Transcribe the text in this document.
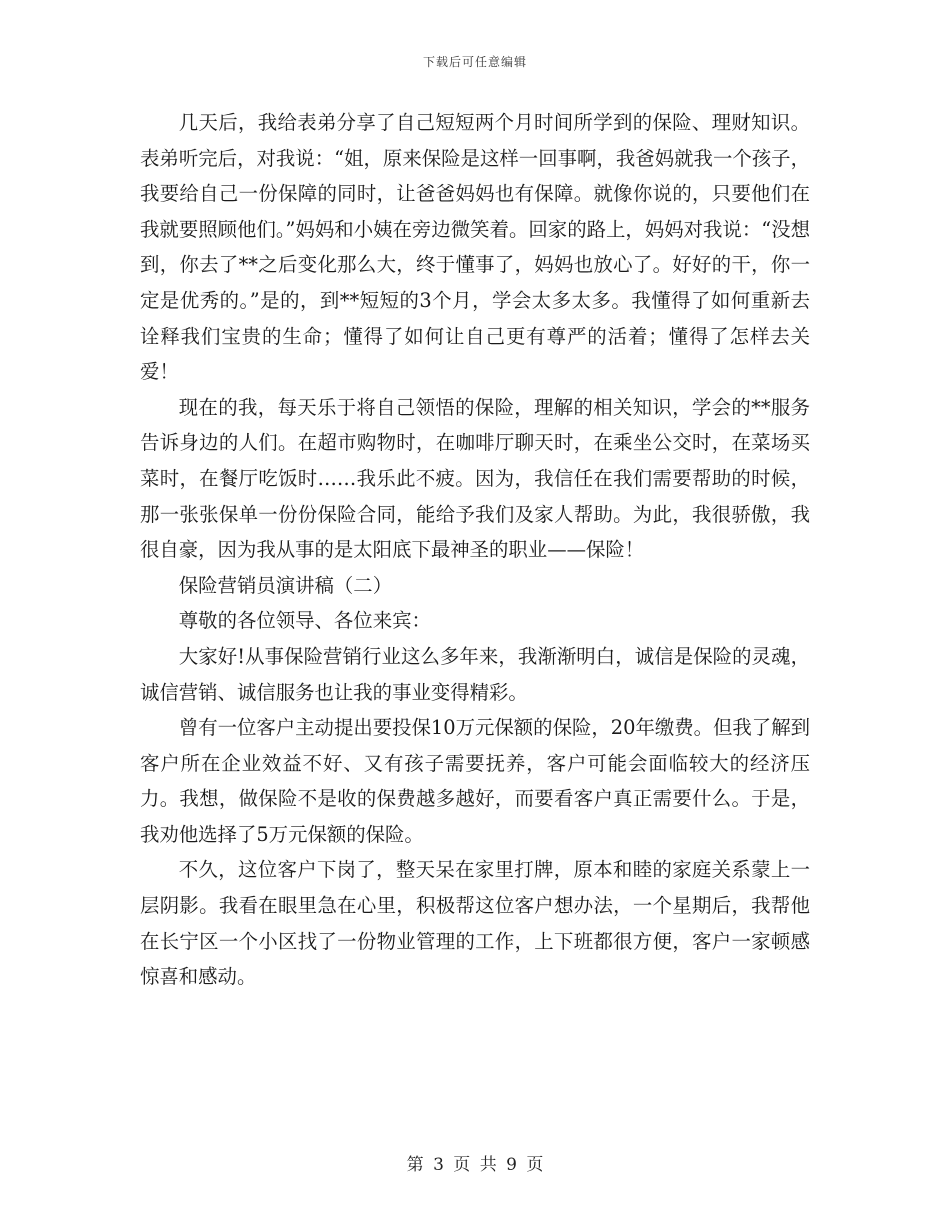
下载后可任意编辑

几天后，我给表弟分享了自己短短两个月时间所学到的保险、理财知识。表弟听完后，对我说：“姐，原来保险是这样一回事啊，我爸妈就我一个孩子，我要给自己一份保障的同时，让爸爸妈妈也有保障。就像你说的，只要他们在我就要照顾他们。”妈妈和小姨在旁边微笑着。回家的路上，妈妈对我说：“没想到，你去了**之后变化那么大，终于懂事了，妈妈也放心了。好好的干，你一定是优秀的。”是的，到**短短的3个月，学会太多太多。我懂得了如何重新去诠释我们宝贵的生命；懂得了如何让自己更有尊严的活着；懂得了怎样去关爱！

现在的我，每天乐于将自己领悟的保险，理解的相关知识，学会的**服务告诉身边的人们。在超市购物时，在咖啡厅聊天时，在乘坐公交时，在菜场买菜时，在餐厅吃饭时……我乐此不疲。因为，我信任在我们需要帮助的时候，那一张张保单一份份保险合同，能给予我们及家人帮助。为此，我很骄傲，我很自豪，因为我从事的是太阳底下最神圣的职业——保险！

保险营销员演讲稿（二）

尊敬的各位领导、各位来宾：

大家好!从事保险营销行业这么多年来，我渐渐明白，诚信是保险的灵魂，诚信营销、诚信服务也让我的事业变得精彩。

曾有一位客户主动提出要投保10万元保额的保险，20年缴费。但我了解到客户所在企业效益不好、又有孩子需要抚养，客户可能会面临较大的经济压力。我想，做保险不是收的保费越多越好，而要看客户真正需要什么。于是，我劝他选择了5万元保额的保险。

不久，这位客户下岗了，整天呆在家里打牌，原本和睦的家庭关系蒙上一层阴影。我看在眼里急在心里，积极帮这位客户想办法，一个星期后，我帮他在长宁区一个小区找了一份物业管理的工作，上下班都很方便，客户一家顿感惊喜和感动。

第 3 页 共 9 页
